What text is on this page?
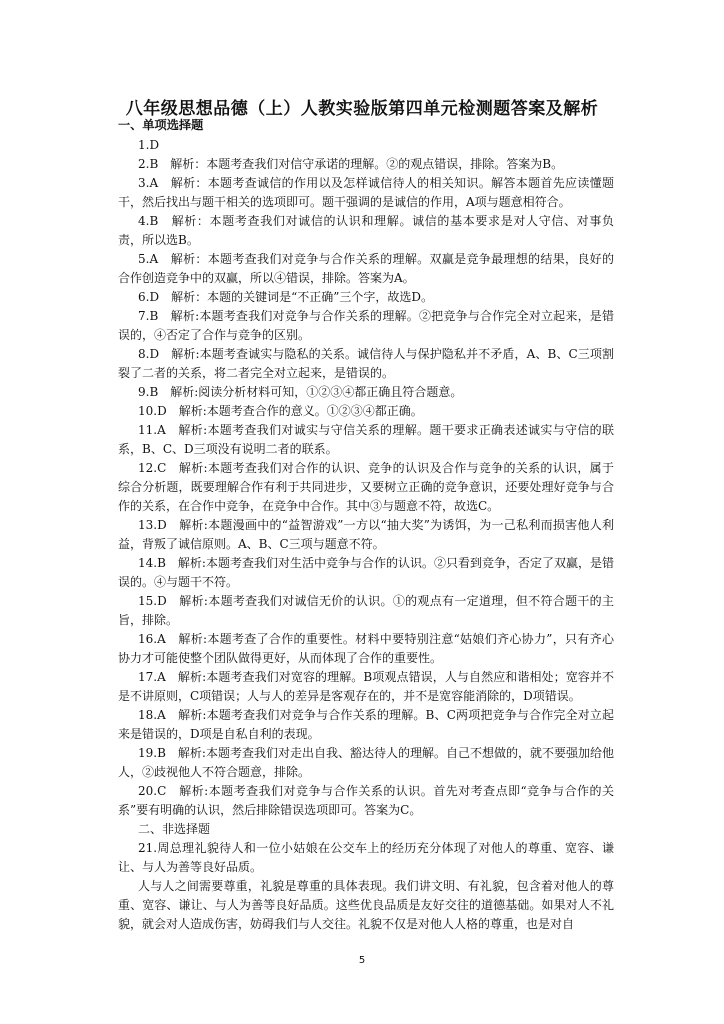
八年级思想品德（上）人教实验版第四单元检测题答案及解析
一、单项选择题

1.D

2.B　解析：本题考查我们对信守承诺的理解。②的观点错误，排除。答案为B。

3.A　解析：本题考查诚信的作用以及怎样诚信待人的相关知识。解答本题首先应读懂题干，然后找出与题干相关的选项即可。题干强调的是诚信的作用，A项与题意相符合。

4.B　解析：本题考查我们对诚信的认识和理解。诚信的基本要求是对人守信、对事负责，所以选B。

5.A　解析：本题考查我们对竞争与合作关系的理解。双赢是竞争最理想的结果，良好的合作创造竞争中的双赢，所以④错误，排除。答案为A。

6.D　解析：本题的关键词是“不正确”三个字，故选D。

7.B　解析:本题考查我们对竞争与合作关系的理解。②把竞争与合作完全对立起来，是错误的，④否定了合作与竞争的区别。

8.D　解析:本题考查诚实与隐私的关系。诚信待人与保护隐私并不矛盾，A、B、C三项割裂了二者的关系，将二者完全对立起来，是错误的。

9.B　解析:阅读分析材料可知，①②③④都正确且符合题意。

10.D　解析:本题考查合作的意义。①②③④都正确。

11.A　解析:本题考查我们对诚实与守信关系的理解。题干要求正确表述诚实与守信的联系，B、C、D三项没有说明二者的联系。

12.C　解析:本题考查我们对合作的认识、竞争的认识及合作与竞争的关系的认识，属于综合分析题，既要理解合作有利于共同进步，又要树立正确的竞争意识，还要处理好竞争与合作的关系，在合作中竞争，在竞争中合作。其中③与题意不符，故选C。

13.D　解析:本题漫画中的“益智游戏”一方以“抽大奖”为诱饵，为一己私利而损害他人利益，背叛了诚信原则。A、B、C三项与题意不符。

14.B　解析:本题考查我们对生活中竞争与合作的认识。②只看到竞争，否定了双赢，是错误的。④与题干不符。

15.D　解析:本题考查我们对诚信无价的认识。①的观点有一定道理，但不符合题干的主旨，排除。

16.A　解析:本题考查了合作的重要性。材料中要特别注意“姑娘们齐心协力”，只有齐心协力才可能使整个团队做得更好，从而体现了合作的重要性。

17.A　解析:本题考查我们对宽容的理解。B项观点错误，人与自然应和谐相处；宽容并不是不讲原则，C项错误；人与人的差异是客观存在的，并不是宽容能消除的，D项错误。

18.A　解析:本题考查我们对竞争与合作关系的理解。B、C两项把竞争与合作完全对立起来是错误的，D项是自私自利的表现。

19.B　解析:本题考查我们对走出自我、豁达待人的理解。自己不想做的，就不要强加给他人，②歧视他人不符合题意，排除。

20.C　解析:本题考查我们对竞争与合作关系的认识。首先对考查点即“竞争与合作的关系”要有明确的认识，然后排除错误选项即可。答案为C。

二、非选择题

21.周总理礼貌待人和一位小姑娘在公交车上的经历充分体现了对他人的尊重、宽容、谦让、与人为善等良好品质。

人与人之间需要尊重，礼貌是尊重的具体表现。我们讲文明、有礼貌，包含着对他人的尊重、宽容、谦让、与人为善等良好品质。这些优良品质是友好交往的道德基础。如果对人不礼貌，就会对人造成伤害，妨碍我们与人交往。礼貌不仅是对他人人格的尊重，也是对自

5
